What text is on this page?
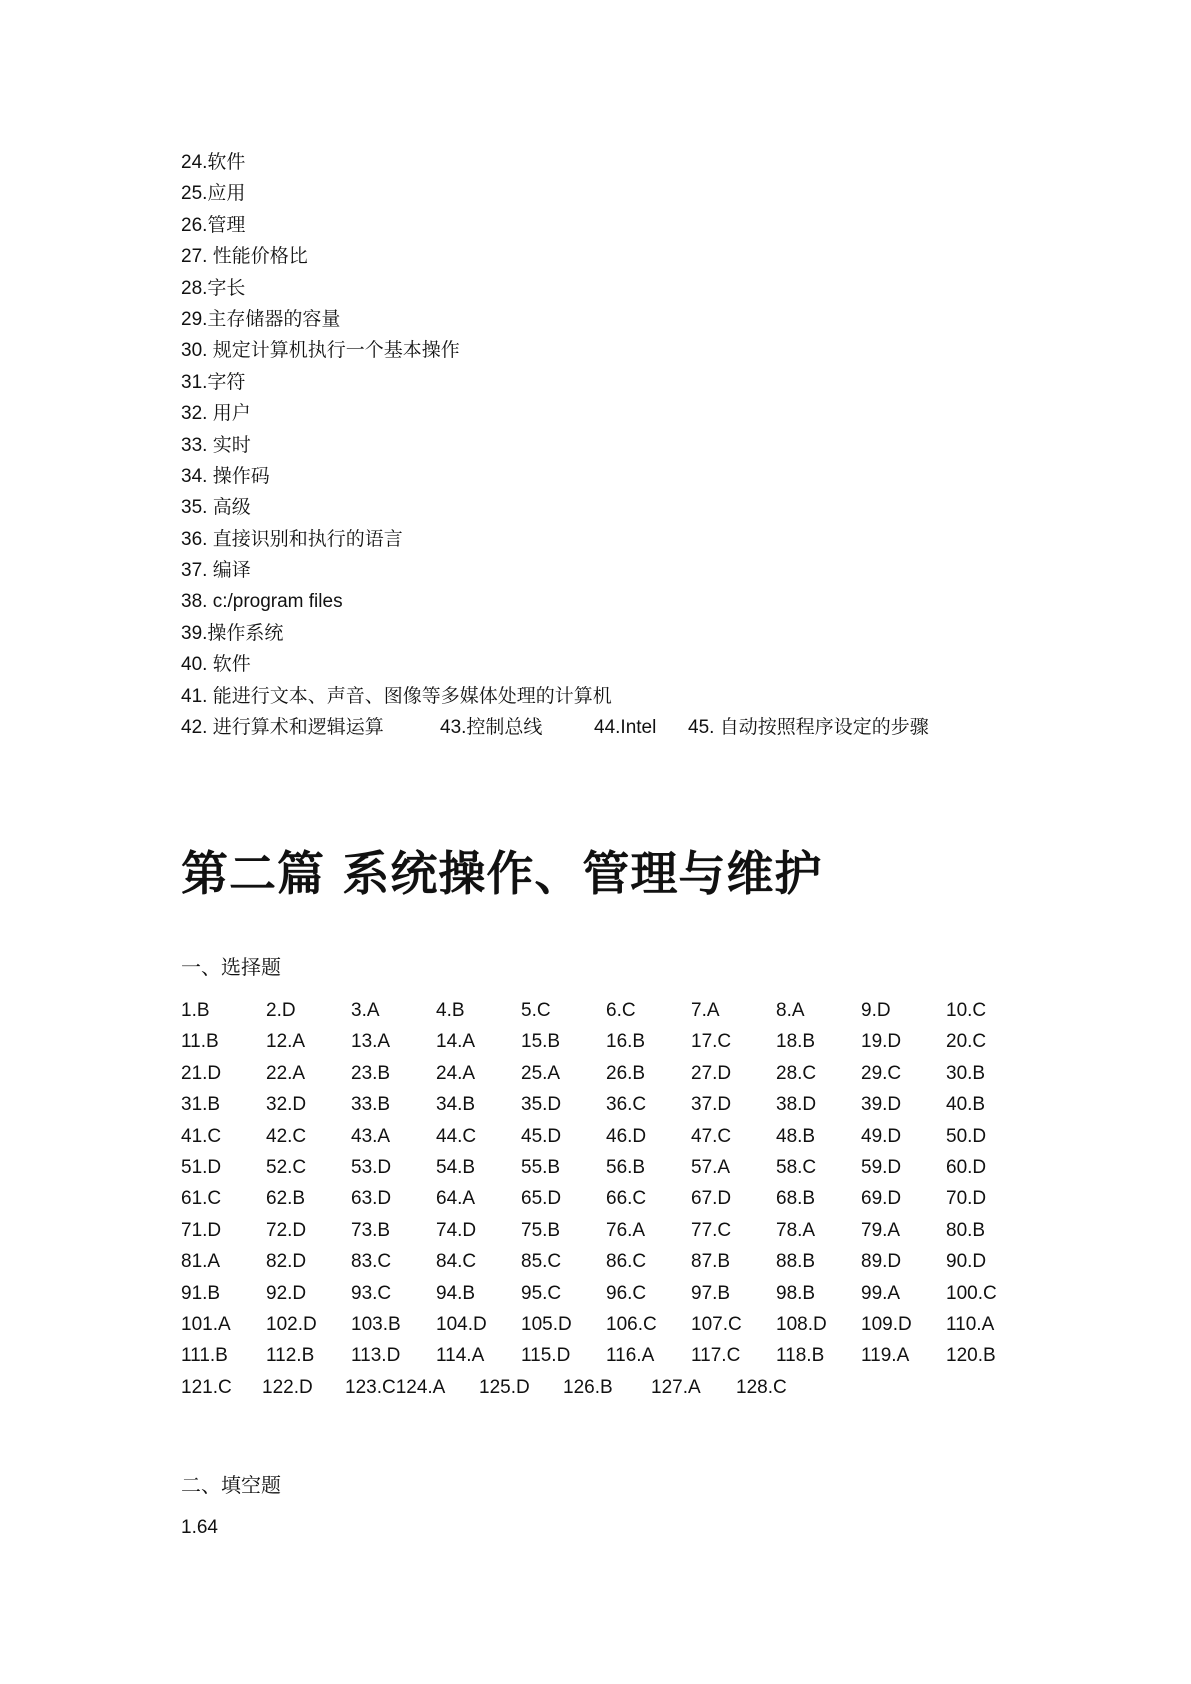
24.软件
25.应用
26.管理
27. 性能价格比
28.字长
29.主存储器的容量
30. 规定计算机执行一个基本操作
31.字符
32. 用户
33. 实时
34. 操作码
35. 高级
36. 直接识别和执行的语言
37. 编译
38. c:/program files
39.操作系统
40. 软件
41. 能进行文本、声音、图像等多媒体处理的计算机
42. 进行算术和逻辑运算	43.控制总线	44.Intel 45. 自动按照程序设定的步骤
第二篇 系统操作、管理与维护
一、选择题
1.B	2.D	3.A	4.B	5.C	6.C	7.A	8.A	9.D	10.C
11.B 12.A 13.A 14.A 15.B 16.B 17.C 18.B 19.D 20.C
21.D 22.A 23.B 24.A 25.A 26.B 27.D 28.C 29.C 30.B
31.B 32.D 33.B 34.B 35.D 36.C 37.D 38.D 39.D 40.B
41.C 42.C 43.A 44.C 45.D 46.D 47.C 48.B 49.D 50.D
51.D 52.C 53.D 54.B 55.B 56.B 57.A 58.C 59.D 60.D
61.C 62.B 63.D 64.A 65.D 66.C 67.D 68.B 69.D 70.D
71.D 72.D 73.B 74.D 75.B 76.A 77.C 78.A 79.A 80.B
81.A 82.D 83.C 84.C 85.C 86.C 87.B 88.B 89.D 90.D
91.B 92.D 93.C 94.B 95.C 96.C 97.B 98.B 99.A 100.C
101.A 102.D 103.B 104.D 105.D 106.C 107.C 108.D 109.D 110.A
111.B 112.B 113.D 114.A 115.D 116.A 117.C 118.B 119.A 120.B
121.C 122.D 123.C124.A 125.D 126.B 127.A 128.C
二、填空题
1.64
